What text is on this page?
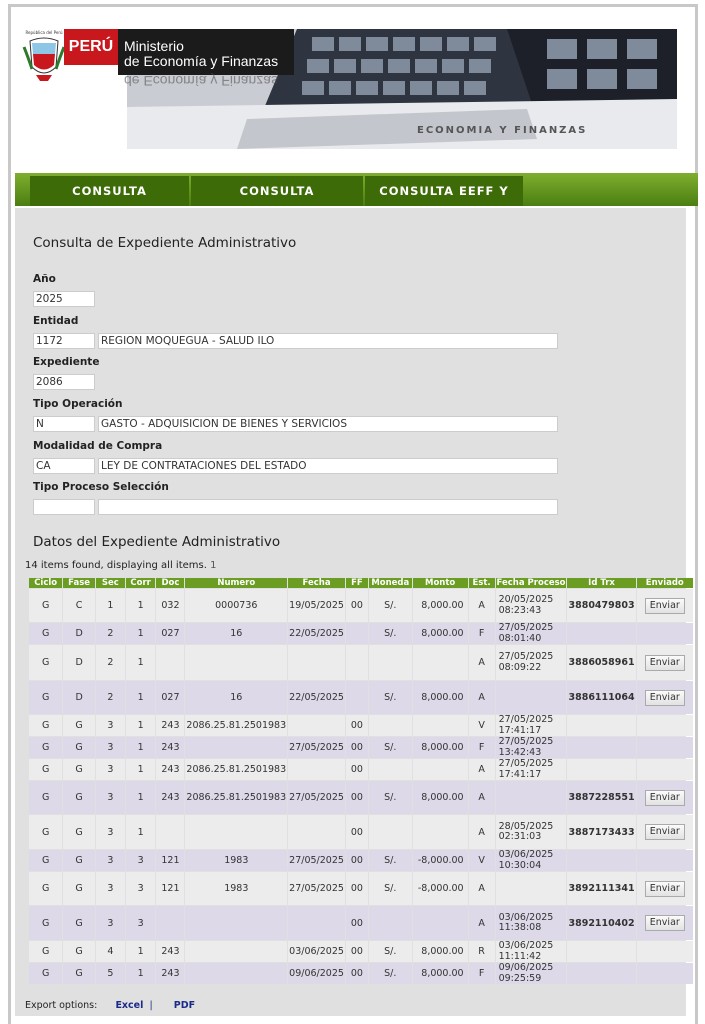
República del Perú
PERÚ
ECONOMIA Y FINANZAS
Ministerio
de Economía y Finanzas
de Economía y Finanzas
CONSULTA	CONSULTA	CONSULTA EEFF Y
Consulta de Expediente Administrativo
Año
2025
Entidad
1172	REGION MOQUEGUA - SALUD ILO
Expediente
2086
Tipo Operación
N	GASTO - ADQUISICION DE BIENES Y SERVICIOS
Modalidad de Compra
CA	LEY DE CONTRATACIONES DEL ESTADO
Tipo Proceso Selección
Datos del Expediente Administrativo
14 items found, displaying all items. 1
Ciclo	Fase	Sec	Corr	Doc	Numero	Fecha	FF	Moneda	Monto	Est.	Fecha Proceso	Id Trx	Enviado
G	C	1	1	032	0000736	19/05/2025	00	S/.	8,000.00	A	20/05/2025 08:23:43	3880479803	Enviar
G	D	2	1	027	16	22/05/2025		S/.	8,000.00	F	27/05/2025 08:01:40		
G	D	2	1							A	27/05/2025 08:09:22	3886058961	Enviar
G	D	2	1	027	16	22/05/2025		S/.	8,000.00	A		3886111064	Enviar
G	G	3	1	243	2086.25.81.2501983		00			V	27/05/2025 17:41:17		
G	G	3	1	243		27/05/2025	00	S/.	8,000.00	F	27/05/2025 13:42:43		
G	G	3	1	243	2086.25.81.2501983		00			A	27/05/2025 17:41:17		
G	G	3	1	243	2086.25.81.2501983	27/05/2025	00	S/.	8,000.00	A		3887228551	Enviar
G	G	3	1				00			A	28/05/2025 02:31:03	3887173433	Enviar
G	G	3	3	121	1983	27/05/2025	00	S/.	-8,000.00	V	03/06/2025 10:30:04		
G	G	3	3	121	1983	27/05/2025	00	S/.	-8,000.00	A		3892111341	Enviar
G	G	3	3				00			A	03/06/2025 11:38:08	3892110402	Enviar
G	G	4	1	243		03/06/2025	00	S/.	8,000.00	R	03/06/2025 11:11:42		
G	G	5	1	243		09/06/2025	00	S/.	8,000.00	F	09/06/2025 09:25:59		
Export options: Excel | PDF
